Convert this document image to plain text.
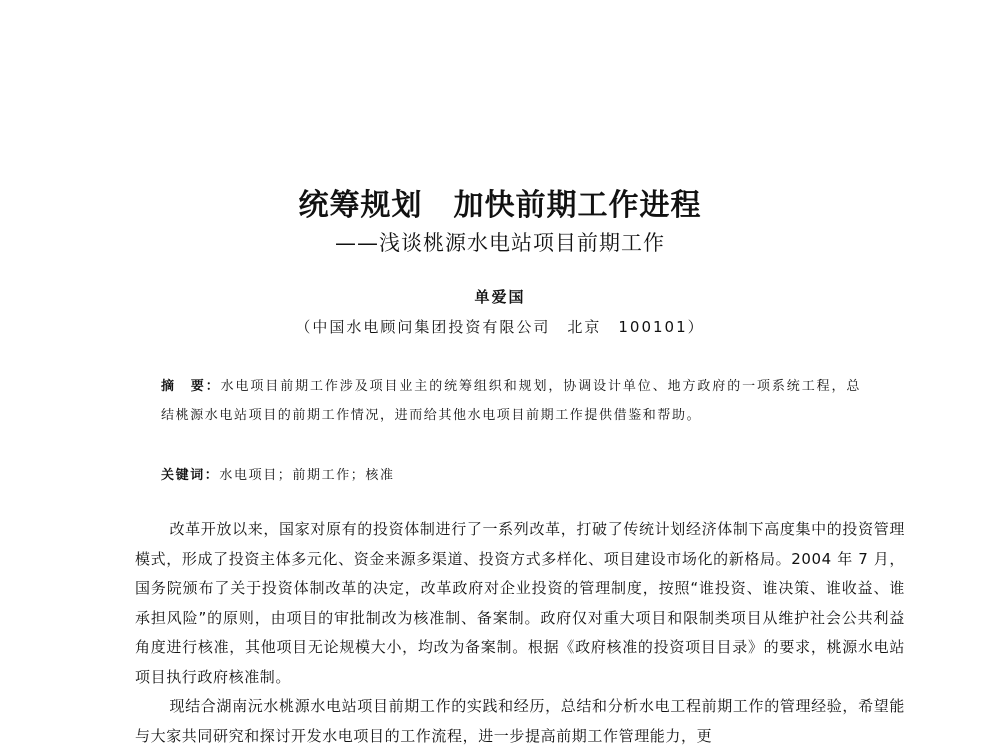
统筹规划　加快前期工作进程
——浅谈桃源水电站项目前期工作
单爱国
（中国水电顾问集团投资有限公司　北京　100101）
摘　要：水电项目前期工作涉及项目业主的统筹组织和规划，协调设计单位、地方政府的一项系统工程，总结桃源水电站项目的前期工作情况，进而给其他水电项目前期工作提供借鉴和帮助。
关键词：水电项目；前期工作；核准

改革开放以来，国家对原有的投资体制进行了一系列改革，打破了传统计划经济体制下高度集中的投资管理模式，形成了投资主体多元化、资金来源多渠道、投资方式多样化、项目建设市场化的新格局。2004 年 7 月，国务院颁布了关于投资体制改革的决定，改革政府对企业投资的管理制度，按照“谁投资、谁决策、谁收益、谁承担风险”的原则，由项目的审批制改为核准制、备案制。政府仅对重大项目和限制类项目从维护社会公共利益角度进行核准，其他项目无论规模大小，均改为备案制。根据《政府核准的投资项目目录》的要求，桃源水电站项目执行政府核准制。

现结合湖南沅水桃源水电站项目前期工作的实践和经历，总结和分析水电工程前期工作的管理经验，希望能与大家共同研究和探讨开发水电项目的工作流程，进一步提高前期工作管理能力，更
